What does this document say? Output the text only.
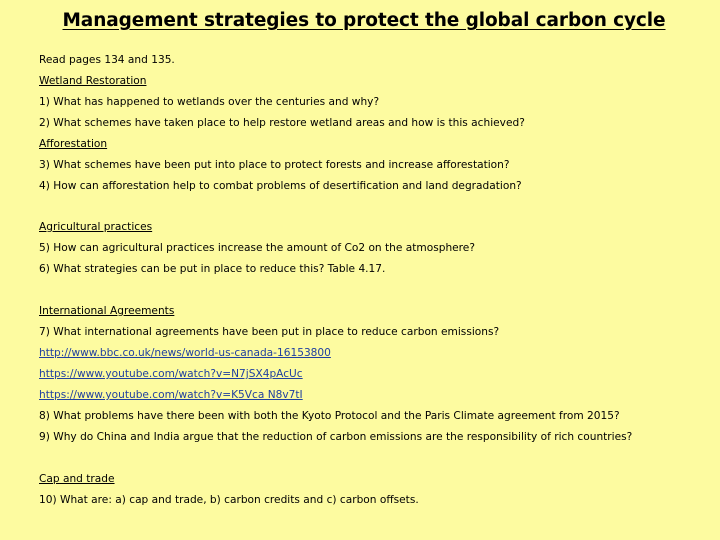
Management strategies to protect the global carbon cycle
Read pages 134 and 135.
Wetland Restoration
1) What has happened to wetlands over the centuries and why?
2) What schemes have taken place to help restore wetland areas and how is this achieved?
Afforestation
3) What schemes have been put into place to protect forests and increase afforestation?
4) How can afforestation help to combat problems of desertification and land degradation?
Agricultural practices
5) How can agricultural practices increase the amount of Co2 on the atmosphere?
6) What strategies can be put in place to reduce this? Table 4.17.
International Agreements
7) What international agreements have been put in place to reduce carbon emissions?
http://www.bbc.co.uk/news/world-us-canada-16153800
https://www.youtube.com/watch?v=N7jSX4pAcUc
https://www.youtube.com/watch?v=K5Vca N8v7tI
8) What problems have there been with both the Kyoto Protocol and the Paris Climate agreement from 2015?
9) Why do China and India argue that the reduction of carbon emissions are the responsibility of rich countries?
Cap and trade
10) What are: a) cap and trade, b) carbon credits and c) carbon offsets.
